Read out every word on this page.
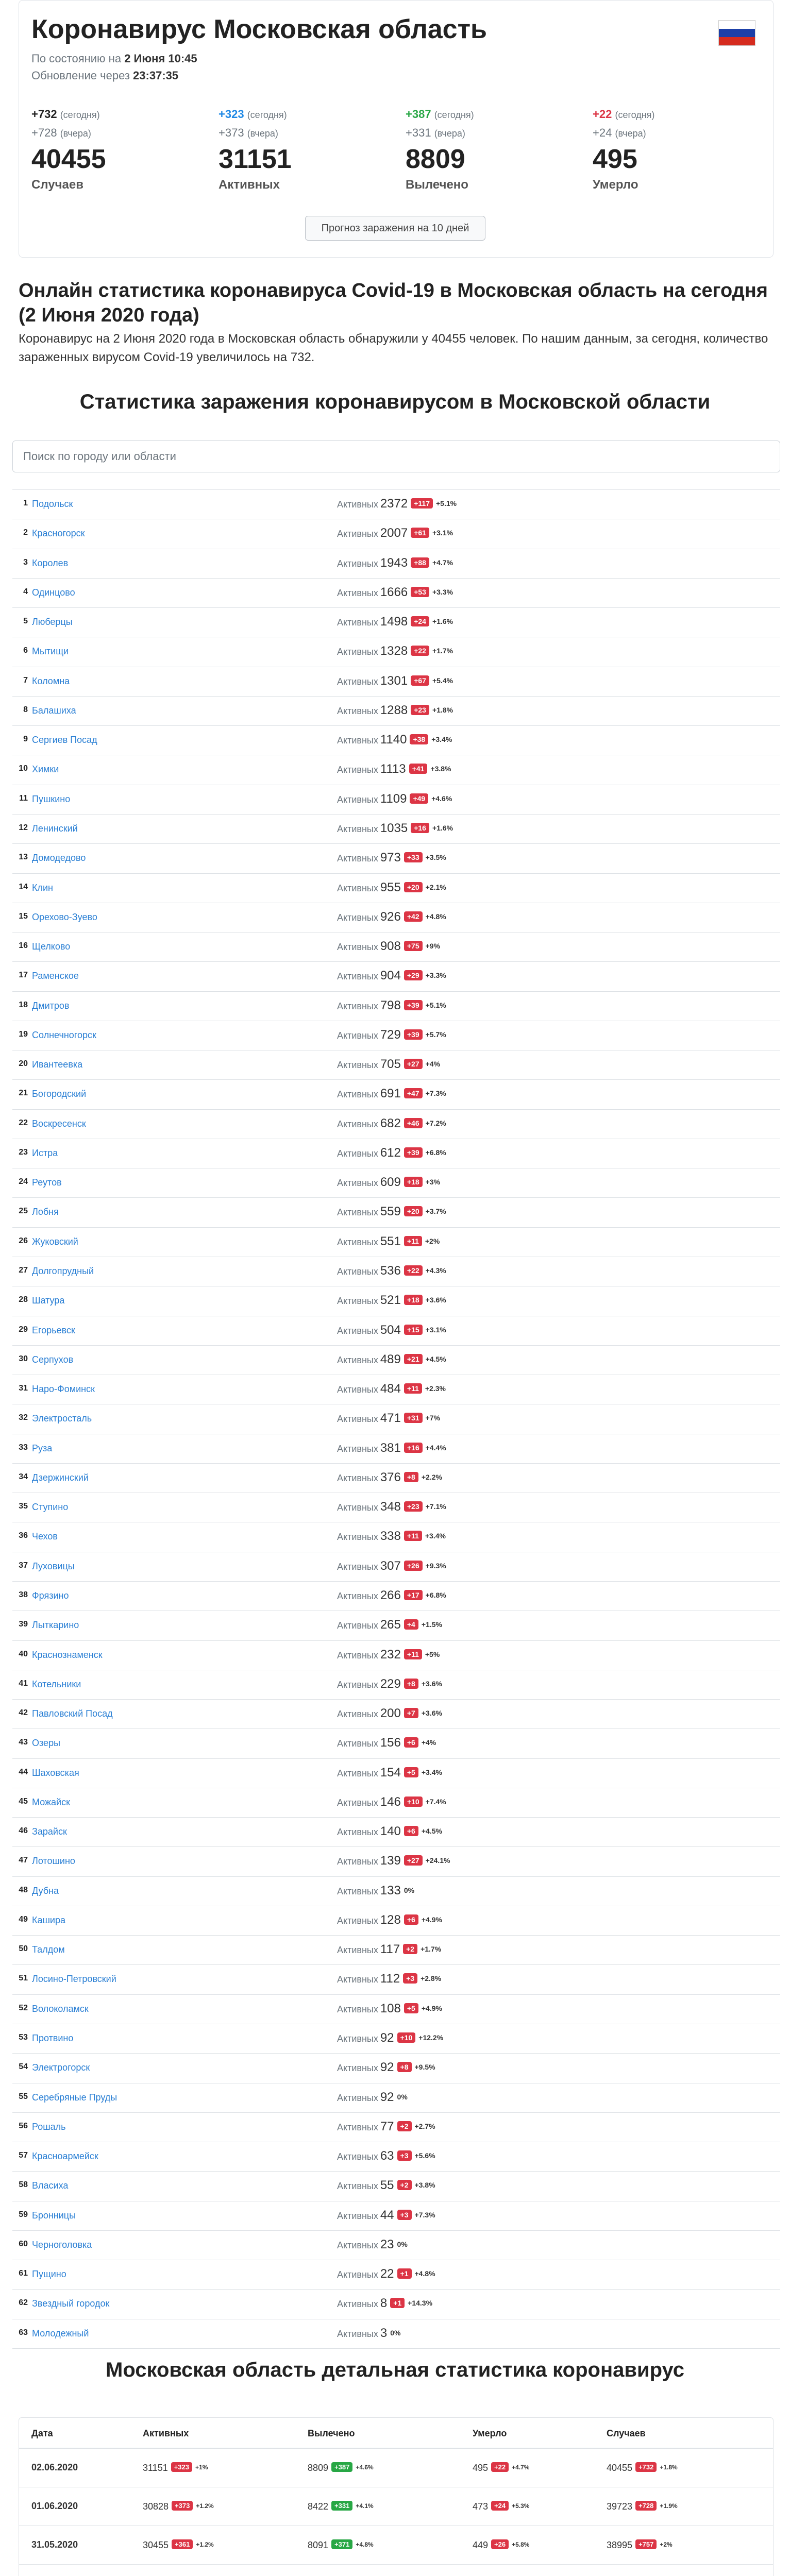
Коронавирус Московская область
По состоянию на 2 Июня 10:45
Обновление через 23:37:35
+732 (сегодня)
+728 (вчера)
40455
Случаев
+323 (сегодня)
+373 (вчера)
31151
Активных
+387 (сегодня)
+331 (вчера)
8809
Вылечено
+22 (сегодня)
+24 (вчера)
495
Умерло
Прогноз заражения на 10 дней
Онлайн статистика коронавируса Covid-19 в Московская область на сегодня (2 Июня 2020 года)

Коронавирус на 2 Июня 2020 года в Московская область обнаружили у 40455 человек. По нашим данным, за сегодня, количество зараженных вирусом Covid-19 увеличилось на 732.

Статистика заражения коронавирусом в Московской области
Поиск по городу или области
1 Подольск	Активных 2372 +117 +5.1%
2 Красногорск	Активных 2007 +61 +3.1%
3 Королев	Активных 1943 +88 +4.7%
4 Одинцово	Активных 1666 +53 +3.3%
5 Люберцы	Активных 1498 +24 +1.6%
6 Мытищи	Активных 1328 +22 +1.7%
7 Коломна	Активных 1301 +67 +5.4%
8 Балашиха	Активных 1288 +23 +1.8%
9 Сергиев Посад	Активных 1140 +38 +3.4%
10 Химки	Активных 1113 +41 +3.8%
11 Пушкино	Активных 1109 +49 +4.6%
12 Ленинский	Активных 1035 +16 +1.6%
13 Домодедово	Активных 973 +33 +3.5%
14 Клин	Активных 955 +20 +2.1%
15 Орехово-Зуево	Активных 926 +42 +4.8%
16 Щелково	Активных 908 +75 +9%
17 Раменское	Активных 904 +29 +3.3%
18 Дмитров	Активных 798 +39 +5.1%
19 Солнечногорск	Активных 729 +39 +5.7%
20 Ивантеевка	Активных 705 +27 +4%
21 Богородский	Активных 691 +47 +7.3%
22 Воскресенск	Активных 682 +46 +7.2%
23 Истра	Активных 612 +39 +6.8%
24 Реутов	Активных 609 +18 +3%
25 Лобня	Активных 559 +20 +3.7%
26 Жуковский	Активных 551 +11 +2%
27 Долгопрудный	Активных 536 +22 +4.3%
28 Шатура	Активных 521 +18 +3.6%
29 Егорьевск	Активных 504 +15 +3.1%
30 Серпухов	Активных 489 +21 +4.5%
31 Наро-Фоминск	Активных 484 +11 +2.3%
32 Электросталь	Активных 471 +31 +7%
33 Руза	Активных 381 +16 +4.4%
34 Дзержинский	Активных 376 +8 +2.2%
35 Ступино	Активных 348 +23 +7.1%
36 Чехов	Активных 338 +11 +3.4%
37 Луховицы	Активных 307 +26 +9.3%
38 Фрязино	Активных 266 +17 +6.8%
39 Лыткарино	Активных 265 +4 +1.5%
40 Краснознаменск	Активных 232 +11 +5%
41 Котельники	Активных 229 +8 +3.6%
42 Павловский Посад	Активных 200 +7 +3.6%
43 Озеры	Активных 156 +6 +4%
44 Шаховская	Активных 154 +5 +3.4%
45 Можайск	Активных 146 +10 +7.4%
46 Зарайск	Активных 140 +6 +4.5%
47 Лотошино	Активных 139 +27 +24.1%
48 Дубна	Активных 133 0%
49 Кашира	Активных 128 +6 +4.9%
50 Талдом	Активных 117 +2 +1.7%
51 Лосино-Петровский	Активных 112 +3 +2.8%
52 Волоколамск	Активных 108 +5 +4.9%
53 Протвино	Активных 92 +10 +12.2%
54 Электрогорск	Активных 92 +8 +9.5%
55 Серебряные Пруды	Активных 92 0%
56 Рошаль	Активных 77 +2 +2.7%
57 Красноармейск	Активных 63 +3 +5.6%
58 Власиха	Активных 55 +2 +3.8%
59 Бронницы	Активных 44 +3 +7.3%
60 Черноголовка	Активных 23 0%
61 Пущино	Активных 22 +1 +4.8%
62 Звездный городок	Активных 8 +1 +14.3%
63 Молодежный	Активных 3 0%
Московская область детальная статистика коронавирус
Дата	Активных	Вылечено	Умерло	Случаев
02.06.2020	31151 +323 +1%	8809 +387 +4.6%	495 +22 +4.7%	40455 +732 +1.8%
01.06.2020	30828 +373 +1.2%	8422 +331 +4.1%	473 +24 +5.3%	39723 +728 +1.9%
31.05.2020	30455 +361 +1.2%	8091 +371 +4.8%	449 +26 +5.8%	38995 +757 +2%
